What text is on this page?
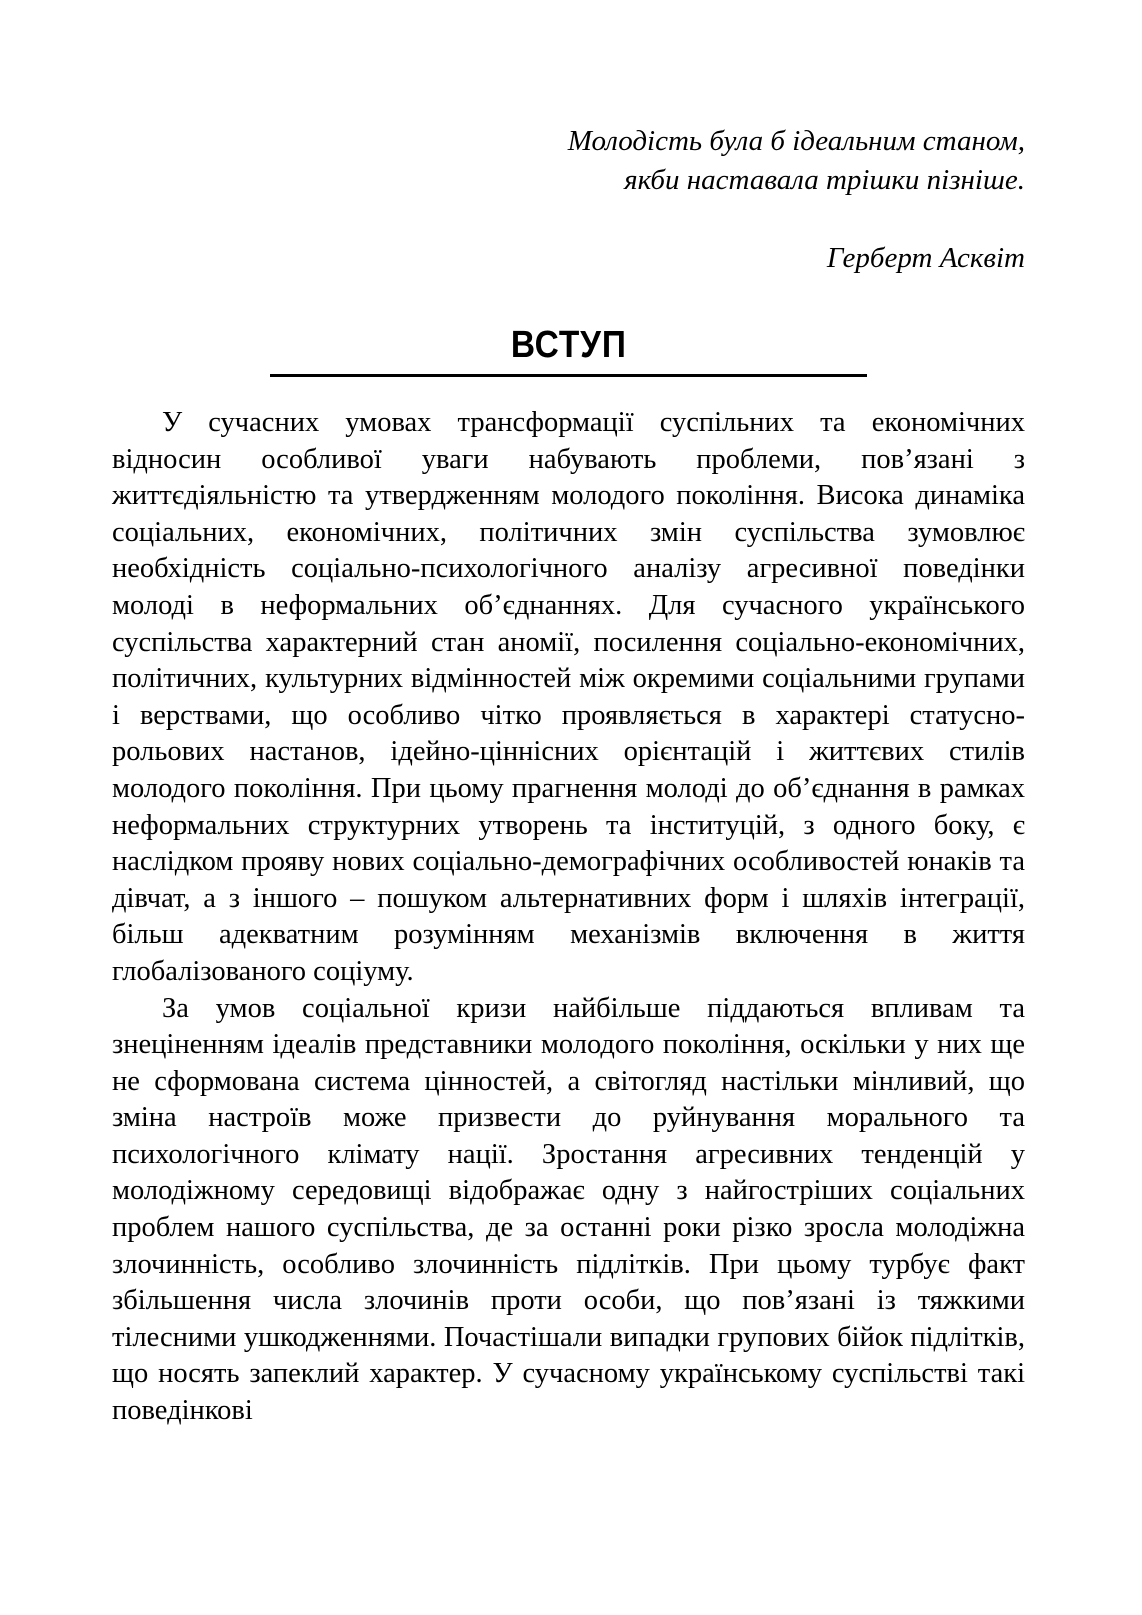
Молодість була б ідеальним станом,
якби наставала трішки пізніше.
Герберт Асквіт
ВСТУП

У сучасних умовах трансформації суспільних та економічних відносин особливої уваги набувають проблеми, пов’язані з життєдіяльністю та утвердженням молодого покоління. Висока динаміка соціальних, економічних, політичних змін суспільства зумовлює необхідність соціально-психологічного аналізу агресивної поведінки молоді в неформальних об’єднаннях. Для сучасного українського суспільства характерний стан аномії, посилення соціально-економічних, політичних, культурних відмінностей між окремими соціальними групами і верствами, що особливо чітко проявляється в характері статусно-рольових настанов, ідейно-ціннісних орієнтацій і життєвих стилів молодого покоління. При цьому прагнення молоді до об’єднання в рамках неформальних структурних утворень та інституцій, з одного боку, є наслідком прояву нових соціально-демографічних особливостей юнаків та дівчат, а з іншого – пошуком альтернативних форм і шляхів інтеграції, більш адекватним розумінням механізмів включення в життя глобалізованого соціуму.

За умов соціальної кризи найбільше піддаються впливам та знеціненням ідеалів представники молодого покоління, оскільки у них ще не сформована система цінностей, а світогляд настільки мінливий, що зміна настроїв може призвести до руйнування морального та психологічного клімату нації. Зростання агресивних тенденцій у молодіжному середовищі відображає одну з найгостріших соціальних проблем нашого суспільства, де за останні роки різко зросла молодіжна злочинність, особливо злочинність підлітків. При цьому турбує факт збільшення числа злочинів проти особи, що пов’язані із тяжкими тілесними ушкодженнями. Почастішали випадки групових бійок підлітків, що носять запеклий характер. У сучасному українському суспільстві такі поведінкові
